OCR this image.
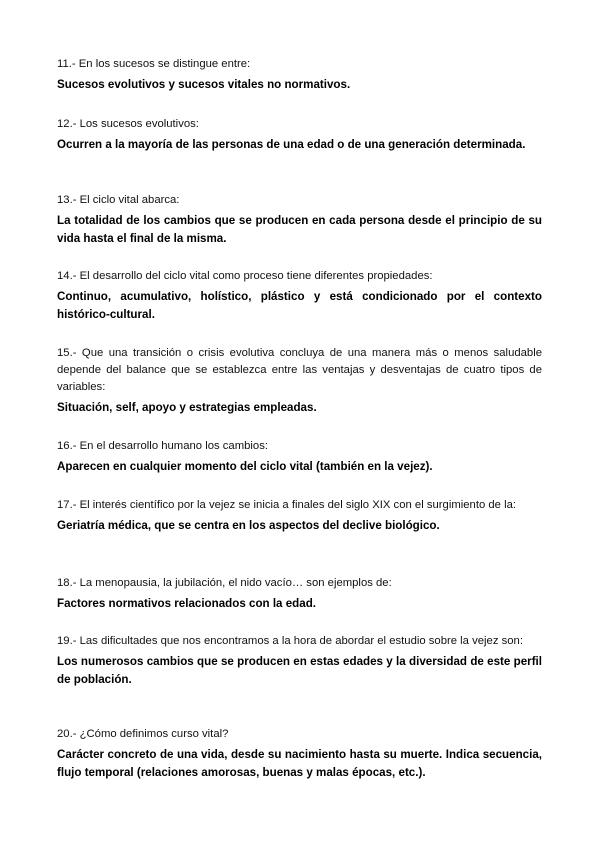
11.- En los sucesos se distingue entre:

Sucesos evolutivos y sucesos vitales no normativos.

12.- Los sucesos evolutivos:

Ocurren a la mayoría de las personas de una edad o de una generación determinada.

13.- El ciclo vital abarca:

La totalidad de los cambios que se producen en cada persona desde el principio de su vida hasta el final de la misma.

14.- El desarrollo del ciclo vital como proceso tiene diferentes propiedades:

Continuo, acumulativo, holístico, plástico y está condicionado por el contexto histórico-cultural.

15.- Que una transición o crisis evolutiva concluya de una manera más o menos saludable depende del balance que se establezca entre las ventajas y desventajas de cuatro tipos de variables:

Situación, self, apoyo y estrategias empleadas.

16.- En el desarrollo humano los cambios:

Aparecen en cualquier momento del ciclo vital (también en la vejez).

17.- El interés científico por la vejez se inicia a finales del siglo XIX con el surgimiento de la:

Geriatría médica, que se centra en los aspectos del declive biológico.

18.- La menopausia, la jubilación, el nido vacío… son ejemplos de:

Factores normativos relacionados con la edad.

19.- Las dificultades que nos encontramos a la hora de abordar el estudio sobre la vejez son:

Los numerosos cambios que se producen en estas edades y la diversidad de este perfil de población.

20.- ¿Cómo definimos curso vital?

Carácter concreto de una vida, desde su nacimiento hasta su muerte. Indica secuencia, flujo temporal (relaciones amorosas, buenas y malas épocas, etc.).
